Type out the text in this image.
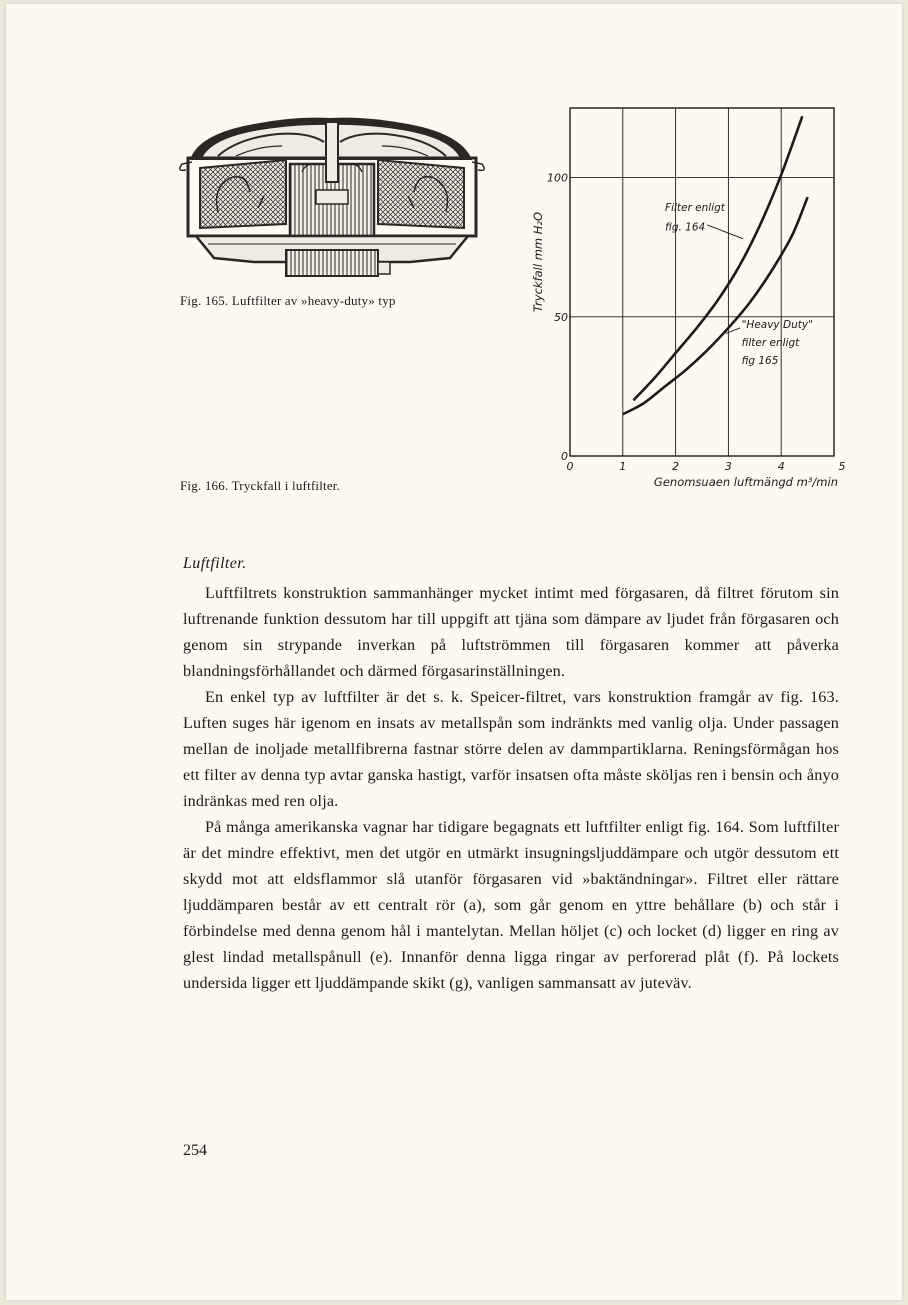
Fig. 165. Luftfilter av »heavy-duty» typ
0	1	2	3	4	5
0
50
100
Genomsuaen luftmängd m³/min
Tryckfall mm H₂O
Filter enligt
fig. 164
"Heavy Duty"
filter enligt
fig 165
Fig. 166. Tryckfall i luftfilter.
Luftfilter.

Luftfiltrets konstruktion sammanhänger mycket intimt med förgasaren, då filtret förutom sin luftrenande funktion dessutom har till uppgift att tjäna som dämpare av ljudet från förgasaren och genom sin strypande inverkan på luftströmmen till förgasaren kommer att påverka blandningsförhållandet och därmed förgasarinställningen.

En enkel typ av luftfilter är det s. k. Speicer-filtret, vars konstruktion framgår av fig. 163. Luften suges här igenom en insats av metallspån som indränkts med vanlig olja. Under passagen mellan de inoljade metallfibrerna fastnar större delen av dammpartiklarna. Reningsförmågan hos ett filter av denna typ avtar ganska hastigt, varför insatsen ofta måste sköljas ren i bensin och ånyo indränkas med ren olja.

På många amerikanska vagnar har tidigare begagnats ett luftfilter enligt fig. 164. Som luftfilter är det mindre effektivt, men det utgör en utmärkt insugningsljuddämpare och utgör dessutom ett skydd mot att eldsflammor slå utanför förgasaren vid »baktändningar». Filtret eller rättare ljuddämparen består av ett centralt rör (a), som går genom en yttre behållare (b) och står i förbindelse med denna genom hål i mantelytan. Mellan höljet (c) och locket (d) ligger en ring av glest lindad metallspånull (e). Innanför denna ligga ringar av perforerad plåt (f). På lockets undersida ligger ett ljuddämpande skikt (g), vanligen sammansatt av juteväv.

254
